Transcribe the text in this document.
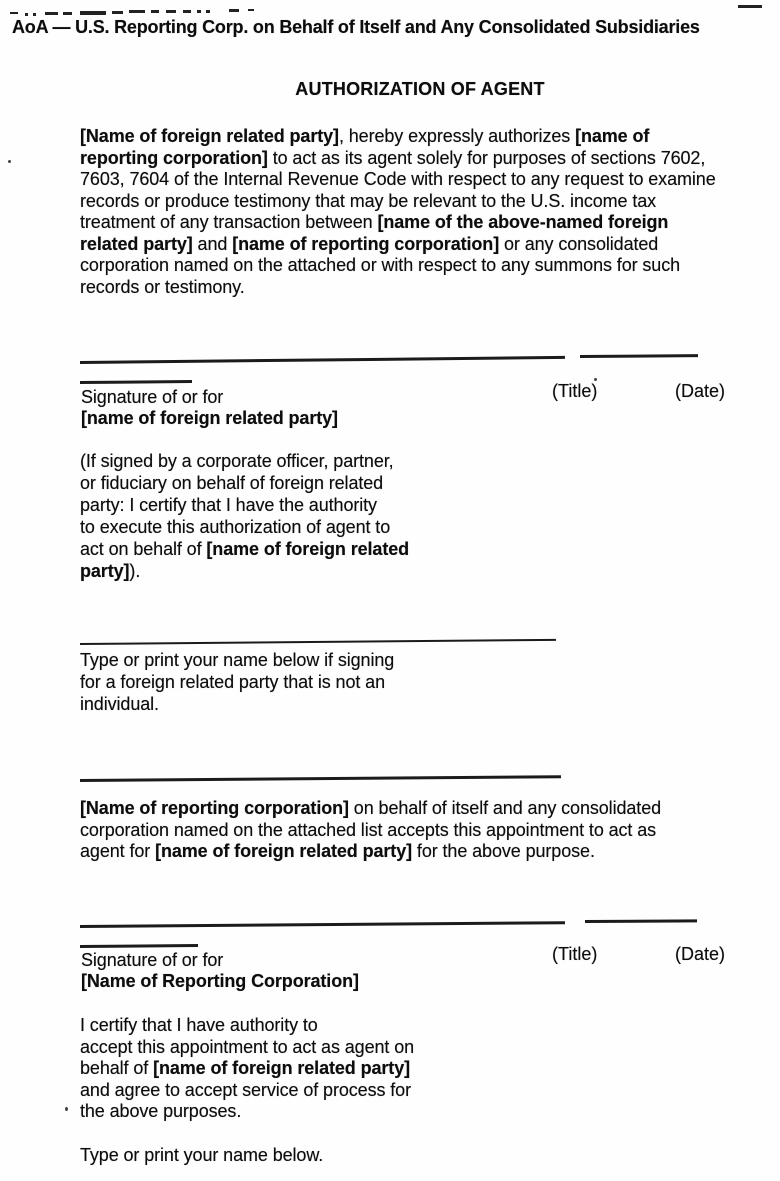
AoA — U.S. Reporting Corp. on Behalf of Itself and Any Consolidated Subsidiaries
AUTHORIZATION OF AGENT
[Name of foreign related party], hereby expressly authorizes [name of
reporting corporation] to act as its agent solely for purposes of sections 7602,
7603, 7604 of the Internal Revenue Code with respect to any request to examine
records or produce testimony that may be relevant to the U.S. income tax
treatment of any transaction between [name of the above-named foreign
related party] and [name of reporting corporation] or any consolidated
corporation named on the attached or with respect to any summons for such
records or testimony.
Signature of or for
[name of foreign related party]
(Title)	(Date)
(If signed by a corporate officer, partner,
or fiduciary on behalf of foreign related
party: I certify that I have the authority
to execute this authorization of agent to
act on behalf of [name of foreign related
party]).
Type or print your name below if signing
for a foreign related party that is not an
individual.
[Name of reporting corporation] on behalf of itself and any consolidated
corporation named on the attached list accepts this appointment to act as
agent for [name of foreign related party] for the above purpose.
Signature of or for
[Name of Reporting Corporation]
(Title)	(Date)
I certify that I have authority to
accept this appointment to act as agent on
behalf of [name of foreign related party]
and agree to accept service of process for
the above purposes.
Type or print your name below.
